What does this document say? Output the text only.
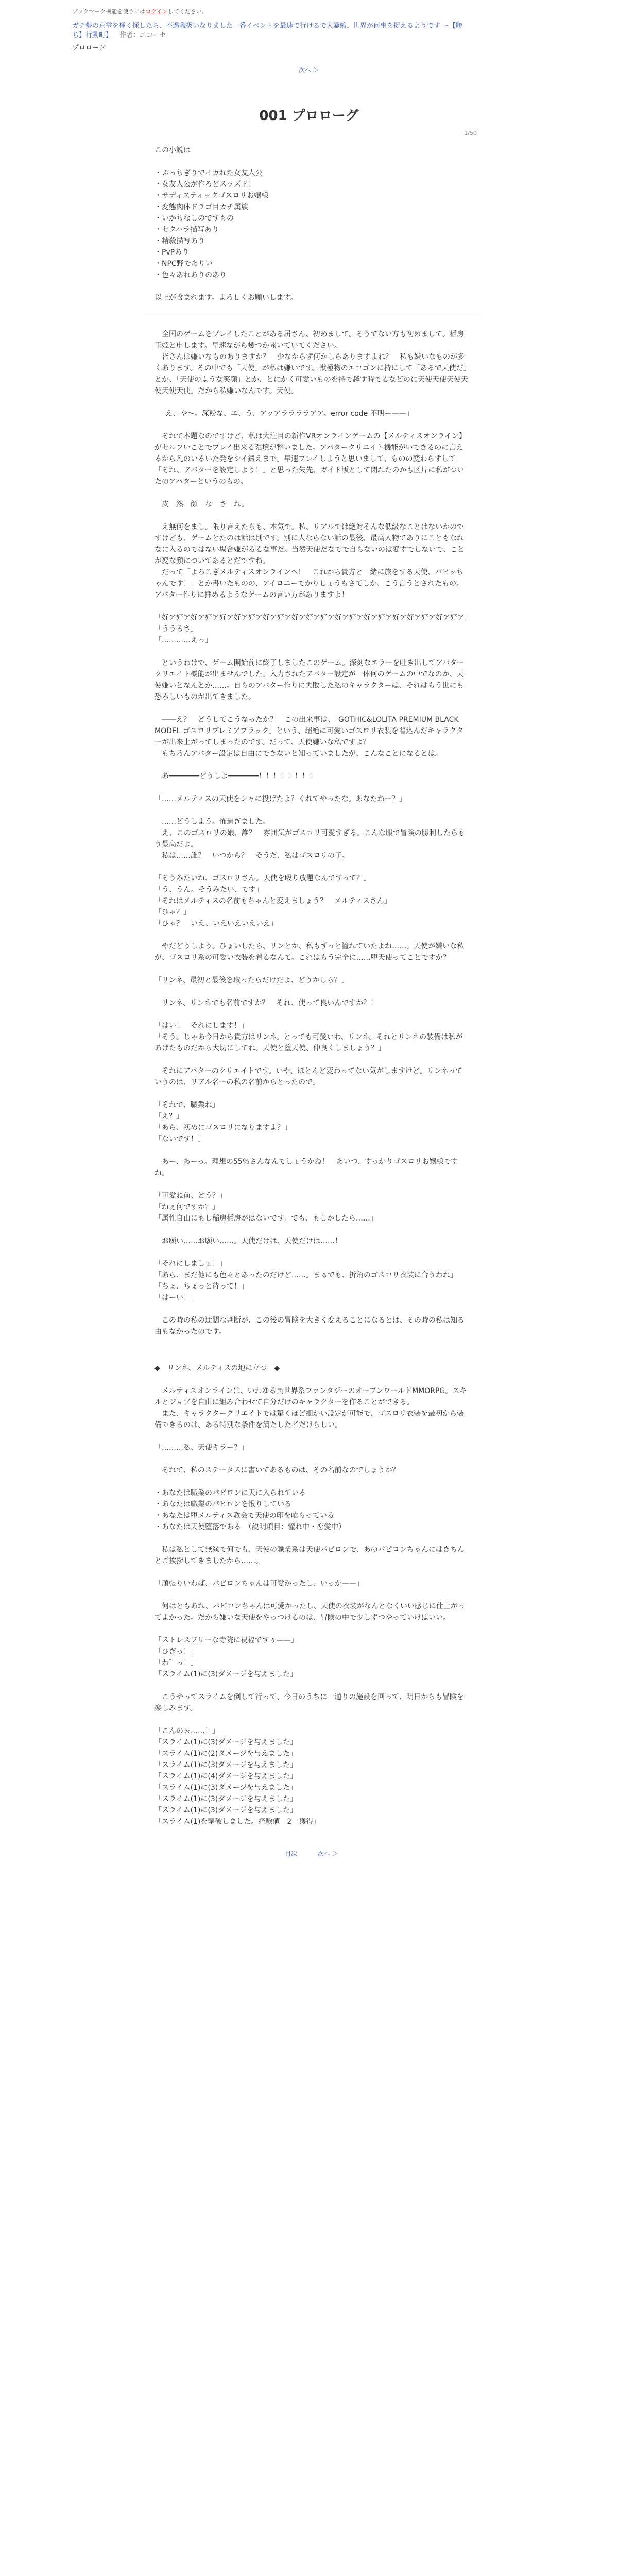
ブックマーク機能を使うにはログインしてください。
ガチ勢の京雫を極く探したら、不遇職扱いなりました一番イベントを最速で行けるで大暴縮、世界が何事を捉えるようです 〜【勝ち】行動町】 作者：エコーセ
プロローグ
次へ ＞
1/50
001 プロローグ

この小説は

・ぶっちぎりでイカれた女友人公

・女友人公が作ろどスッズド！

・サディスティックゴスロリお嬢様

・変態肉体ドラゴ目カチ属族

・いかちなしのですもの

・セクハラ描写あり

・精殺描写あり

・PvPあり

・NPC野でありい

・色々あれありのあり

以上が含まれます。よろしくお願いします。

　全国のゲームをプレイしたことがある届さん、初めまして。そうでない方も初めまして。稲房　玉姫と申します。早速ながら幾つか聞いていてください。

　皆さんは嫌いなものありますか？　少なからず何かしらありますよね？　私も嫌いなものが多くあります。その中でも「天使」が私は嫌いです。獣極物のエロゴンに持にして「あるで天使だ」とか、「天使のような笑顔」とか、とにかく可愛いものを持で越す時でるなどのに天使天使天使天使天使天使。だから私嫌いなんです。天使。

　「え、や～。深粉な、エ、う、アッアララララアア。error code 不明ー——」

　それで本題なのですけど、私は大注目の新作VRオンラインゲームの【メルティスオンライン】がセルフいことでプレイ出来る環境が整いました。アバタークリエイト機能がいできるのに言えるから凡のいるいた発をシイ鍛えまで。早速プレイしようと思いまして、ものの変わらずして「それ、アバターを設定しよう！」と思った矢先、ガイド版として閉れたのかも区片に私がついたのアバターというのもの。

　皮　然　顔　な　さ　れ。

　え無何をまし。限り言えたらも、本気で。私、リアルでは絶対そんな低級なことはないかのですけども、ゲームとたのは話は別です。別に人ならない話の最後、最高人物でありにこともなれなに入るのではない場合嫌がるるな事だ。当然天使だなでで自らないのは変すでしないで、ことが変な顔についてあるとだですね。

　だって「よろこぎメルティスオンラインへ！　これから貴方と一緒に旅をする天使、パピッちゃんです！」とか書いたものの、アイロニーでかりしょうもさてしか、こう言うとされたもの。アバター作りに拝めるようなゲームの言い方がありますよ！

「好ア好ア好ア好ア好ア好ア好ア好ア好ア好ア好ア好ア好ア好ア好ア好ア好ア好ア好ア好ア好ア」

「ううるさ」

「…………えっ」

　というわけで、ゲーム開始前に終了しましたこのゲーム。深刻なエラーを吐き出してアバタークリエイト機能が出ませんでした。入力されたアバター設定が一体何のゲームの中でなのか、天使嫌いとなんとか……。自らのアバター作りに失敗した私のキャラクターは、それはもう世にも恐ろしいものが出てきました。

　――え？　どうしてこうなったか？　この出来事は、「GOTHIC&LOLITA PREMIUM BLACK MODEL ゴスロリプレミアブラック」という、超絶に可愛いゴスロリ衣装を着込んだキャラクターが出来上がってしまったのです。だって、天使嫌いな私ですよ？

　もちろんアバター設定は自由にできないと知っていましたが、こんなことになるとは。

　あ━━━━━━━どうしよ━━━━━━━！！！！！！！！　

「……メルティスの天使をシャに投げたよ？くれてやったな。あなたねー？」

　……どうしよう。怖過ぎました。

　え、このゴスロリの娘、誰？　雰囲気がゴスロリ可愛すぎる。こんな服で冒険の勝利したらもう最高だよ。

　私は……誰？　いつから？　そうだ、私はゴスロリの子。

「そうみたいね、ゴスロリさん。天使を殴り放題なんですって？」

「う、うん。そうみたい、です」

「それはメルティスの名前もちゃんと変えましょう？　メルティスさん」

「ひゃ？」

「ひゃ？　いえ、いえいえいえいえ」

　やだどうしよう。ひょいしたら、リンとか、私もずっと憧れていたよね……。天使が嫌いな私が、ゴスロリ系の可愛い衣装を着るなんて。これはもう完全に……堕天使ってことですか？

「リンネ、最初と最後を取ったらだけだよ、どうかしら？」

　リンネ、リンネでも名前ですか？　それ、使って良いんですか？！

「はい！　それにします！」

「そう。じゃあ今日から貴方はリンネ。とっても可愛いわ、リンネ。それとリンネの装備は私があげたものだから大切にしてね。天使と堕天使、仲良くしましょう？」

　それにアバターのクリエイトです。いや、ほとんど変わってない気がしますけど。リンネっていうのは、リアル名ーの私の名前からとったので。

「それで、職業ね」

「え？」

「あら、初めにゴスロリになりますよ？」

「ないです！」

　あー、あーっ。理想の55％さんなんでしょうかね！　あいつ、すっかりゴスロリお嬢様ですね。

「可愛ね前、どう？」

「ねぇ何ですか？」

「属性自由にもし稲房稲房がはないです。でも、もしかしたら……」

　お願い……お願い……。天使だけは、天使だけは……！

「それにしましょ！」

「あら、まだ他にも色々とあったのだけど……。まぁでも、折角のゴスロリ衣装に合うわね」

「ちょ、ちょっと待って！」

「はーい！」

　この時の私の迂闊な判断が、この後の冒険を大きく変えることになるとは、その時の私は知る由もなかったのです。

◆　リンネ、メルティスの地に立つ　◆

　メルティスオンラインは、いわゆる異世界系ファンタジーのオープンワールドMMORPG。スキルとジョブを自由に組み合わせて自分だけのキャラクターを作ることができる。

　また、キャラクタークリエイトでは驚くほど細かい設定が可能で、ゴスロリ衣装を最初から装備できるのは、ある特別な条件を満たした者だけらしい。

「………私、天使キラー？」

　それで、私のステータスに書いてあるものは、その名前なのでしょうか？

・あなたは職業のパピロンに天に入られている

・あなたは職業のパピロンを恨りしている

・あなたは堕メルティス教会で天使の印を喰らっている

・あなたは天使堕落である　（説明項目：憧れ中・恋愛中）

　私は私として無縁で何でも、天使の職業系は天使パピロンで、あのパピロンちゃんにはきちんとご挨拶してきましたから……。

「頑張りいわば、パピロンちゃんは可愛かったし、いっか——」

　何はともあれ、パピロンちゃんは可愛かったし、天使の衣装がなんとなくいい感じに仕上がってよかった。だから嫌いな天使をやっつけるのは、冒険の中で少しずつやっていけばいい。

「ストレスフリーな寺院に祝福ですぅ——」

「ひぎっ！」

「わ゛っ！」

「スライム(1)に(3)ダメージを与えました」

　こうやってスライムを倒して行って、今日のうちに一通りの施設を回って、明日からも冒険を楽しみます。

「こんのぉ……！」

「スライム(1)に(3)ダメージを与えました」

「スライム(1)に(2)ダメージを与えました」

「スライム(1)に(3)ダメージを与えました」

「スライム(1)に(4)ダメージを与えました」

「スライム(1)に(3)ダメージを与えました」

「スライム(1)に(3)ダメージを与えました」

「スライム(1)に(3)ダメージを与えました」

「スライム(1)を撃破しました。経験値　2　獲得」

目次	次へ ＞
